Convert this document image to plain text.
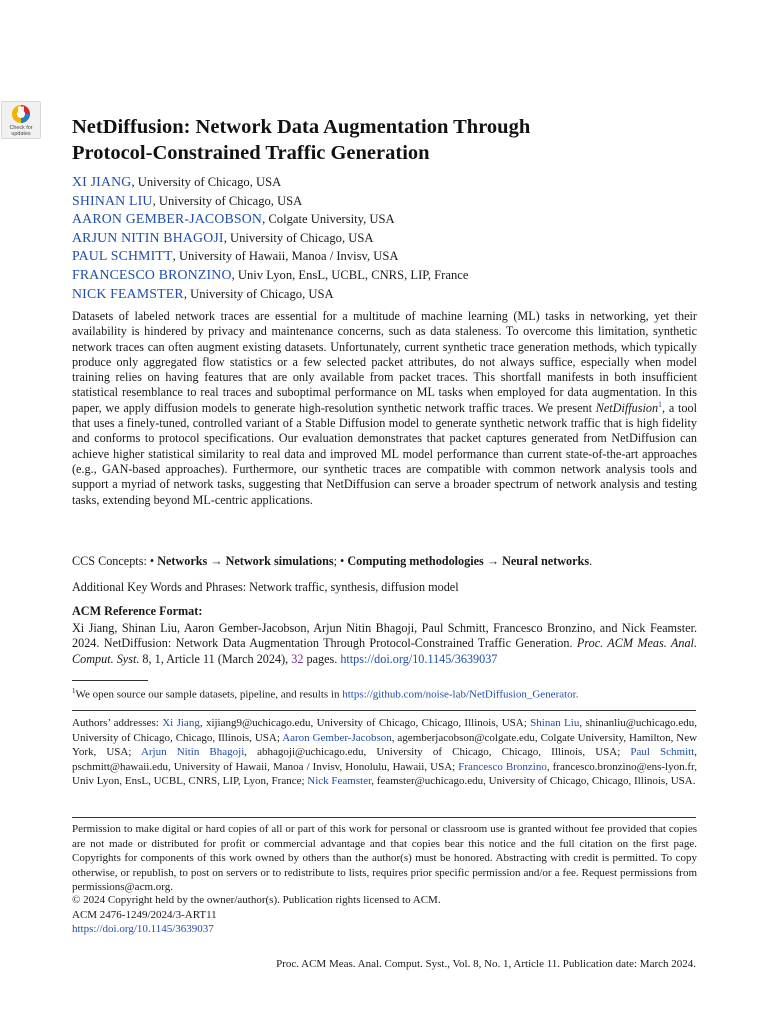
Check for
updates	NetDiffusion: Network Data Augmentation Through
Protocol-Constrained Traffic Generation
XI JIANG, University of Chicago, USA
SHINAN LIU, University of Chicago, USA
AARON GEMBER-JACOBSON, Colgate University, USA
ARJUN NITIN BHAGOJI, University of Chicago, USA
PAUL SCHMITT, University of Hawaii, Manoa / Invisv, USA
FRANCESCO BRONZINO, Univ Lyon, EnsL, UCBL, CNRS, LIP, France
NICK FEAMSTER, University of Chicago, USA
Datasets of labeled network traces are essential for a multitude of machine learning (ML) tasks in networking, yet their availability is hindered by privacy and maintenance concerns, such as data staleness. To overcome this limitation, synthetic network traces can often augment existing datasets. Unfortunately, current synthetic trace generation methods, which typically produce only aggregated flow statistics or a few selected packet attributes, do not always suffice, especially when model training relies on having features that are only available from packet traces. This shortfall manifests in both insufficient statistical resemblance to real traces and suboptimal performance on ML tasks when employed for data augmentation. In this paper, we apply diffusion models to generate high-resolution synthetic network traffic traces. We present NetDiffusion$^1$, a tool that uses a finely-tuned, controlled variant of a Stable Diffusion model to generate synthetic network traffic that is high fidelity and conforms to protocol specifications. Our evaluation demonstrates that packet captures generated from NetDiffusion can achieve higher statistical similarity to real data and improved ML model performance than current state-of-the-art approaches (e.g., GAN-based approaches). Furthermore, our synthetic traces are compatible with common network analysis tools and support a myriad of network tasks, suggesting that NetDiffusion can serve a broader spectrum of network analysis and testing tasks, extending beyond ML-centric applications.
CCS Concepts: • Networks → Network simulations; • Computing methodologies → Neural networks.
Additional Key Words and Phrases: Network traffic, synthesis, diffusion model
ACM Reference Format:
Xi Jiang, Shinan Liu, Aaron Gember-Jacobson, Arjun Nitin Bhagoji, Paul Schmitt, Francesco Bronzino, and Nick Feamster. 2024. NetDiffusion: Network Data Augmentation Through Protocol-Constrained Traffic Generation. Proc. ACM Meas. Anal. Comput. Syst. 8, 1, Article 11 (March 2024), 32 pages. https://doi.org/10.1145/3639037
$^1$We open source our sample datasets, pipeline, and results in https://github.com/noise-lab/NetDiffusion_Generator.
Authors’ addresses: Xi Jiang, xijiang9@uchicago.edu, University of Chicago, Chicago, Illinois, USA; Shinan Liu, shinanliu@uchicago.edu, University of Chicago, Chicago, Illinois, USA; Aaron Gember-Jacobson, agemberjacobson@colgate.edu, Colgate University, Hamilton, New York, USA; Arjun Nitin Bhagoji, abhagoji@uchicago.edu, University of Chicago, Chicago, Illinois, USA; Paul Schmitt, pschmitt@hawaii.edu, University of Hawaii, Manoa / Invisv, Honolulu, Hawaii, USA; Francesco Bronzino, francesco.bronzino@ens-lyon.fr, Univ Lyon, EnsL, UCBL, CNRS, LIP, Lyon, France; Nick Feamster, feamster@uchicago.edu, University of Chicago, Chicago, Illinois, USA.
Permission to make digital or hard copies of all or part of this work for personal or classroom use is granted without fee provided that copies are not made or distributed for profit or commercial advantage and that copies bear this notice and the full citation on the first page. Copyrights for components of this work owned by others than the author(s) must be honored. Abstracting with credit is permitted. To copy otherwise, or republish, to post on servers or to redistribute to lists, requires prior specific permission and/or a fee. Request permissions from permissions@acm.org.
© 2024 Copyright held by the owner/author(s). Publication rights licensed to ACM.
ACM 2476-1249/2024/3-ART11
https://doi.org/10.1145/3639037
Proc. ACM Meas. Anal. Comput. Syst., Vol. 8, No. 1, Article 11. Publication date: March 2024.
